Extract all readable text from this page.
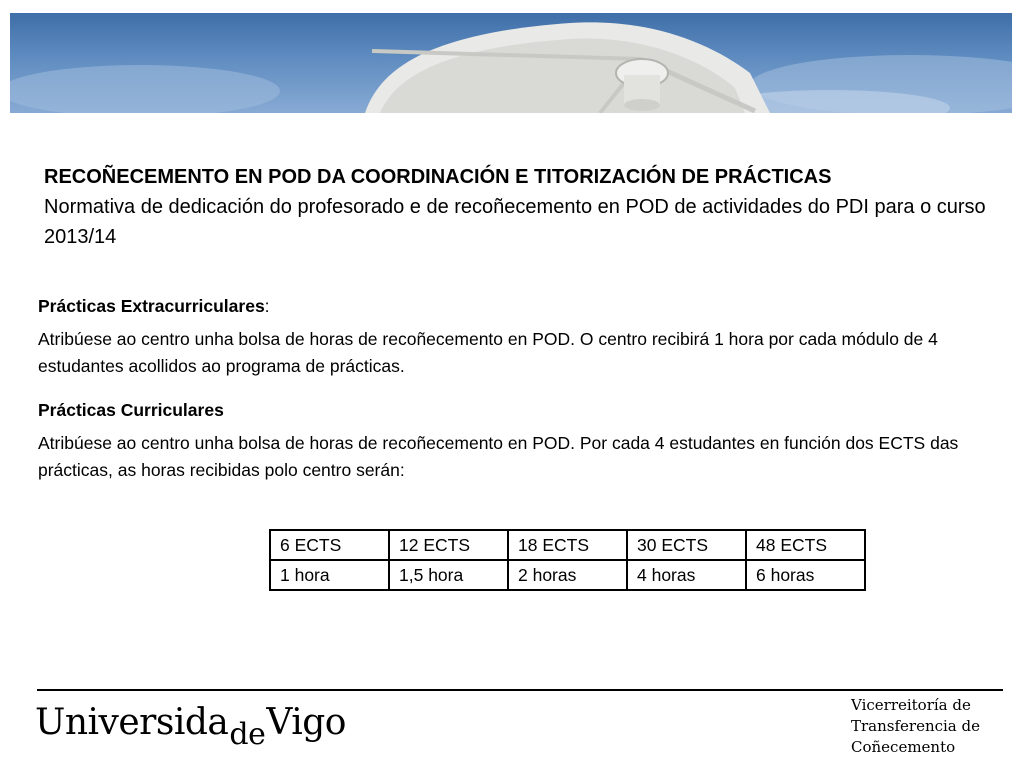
RECOÑECEMENTO EN POD DA COORDINACIÓN E TITORIZACIÓN DE PRÁCTICAS
Normativa de dedicación do profesorado e de recoñecemento en POD de actividades do PDI para o curso 2013/14

Prácticas Extracurriculares:

Atribúese ao centro unha bolsa de horas de recoñecemento en POD. O centro recibirá 1 hora por cada módulo de 4 estudantes acollidos ao programa de prácticas.

Prácticas Curriculares

Atribúese ao centro unha bolsa de horas de recoñecemento en POD. Por cada 4 estudantes en función dos ECTS das prácticas, as horas recibidas polo centro serán:

6 ECTS	12 ECTS	18 ECTS	30 ECTS	48 ECTS
1 hora	1,5 hora	2 horas	4 horas	6 horas
Universida$_{de}$Vigo	Vicerreitoría de
Transferencia de
Coñecemento
